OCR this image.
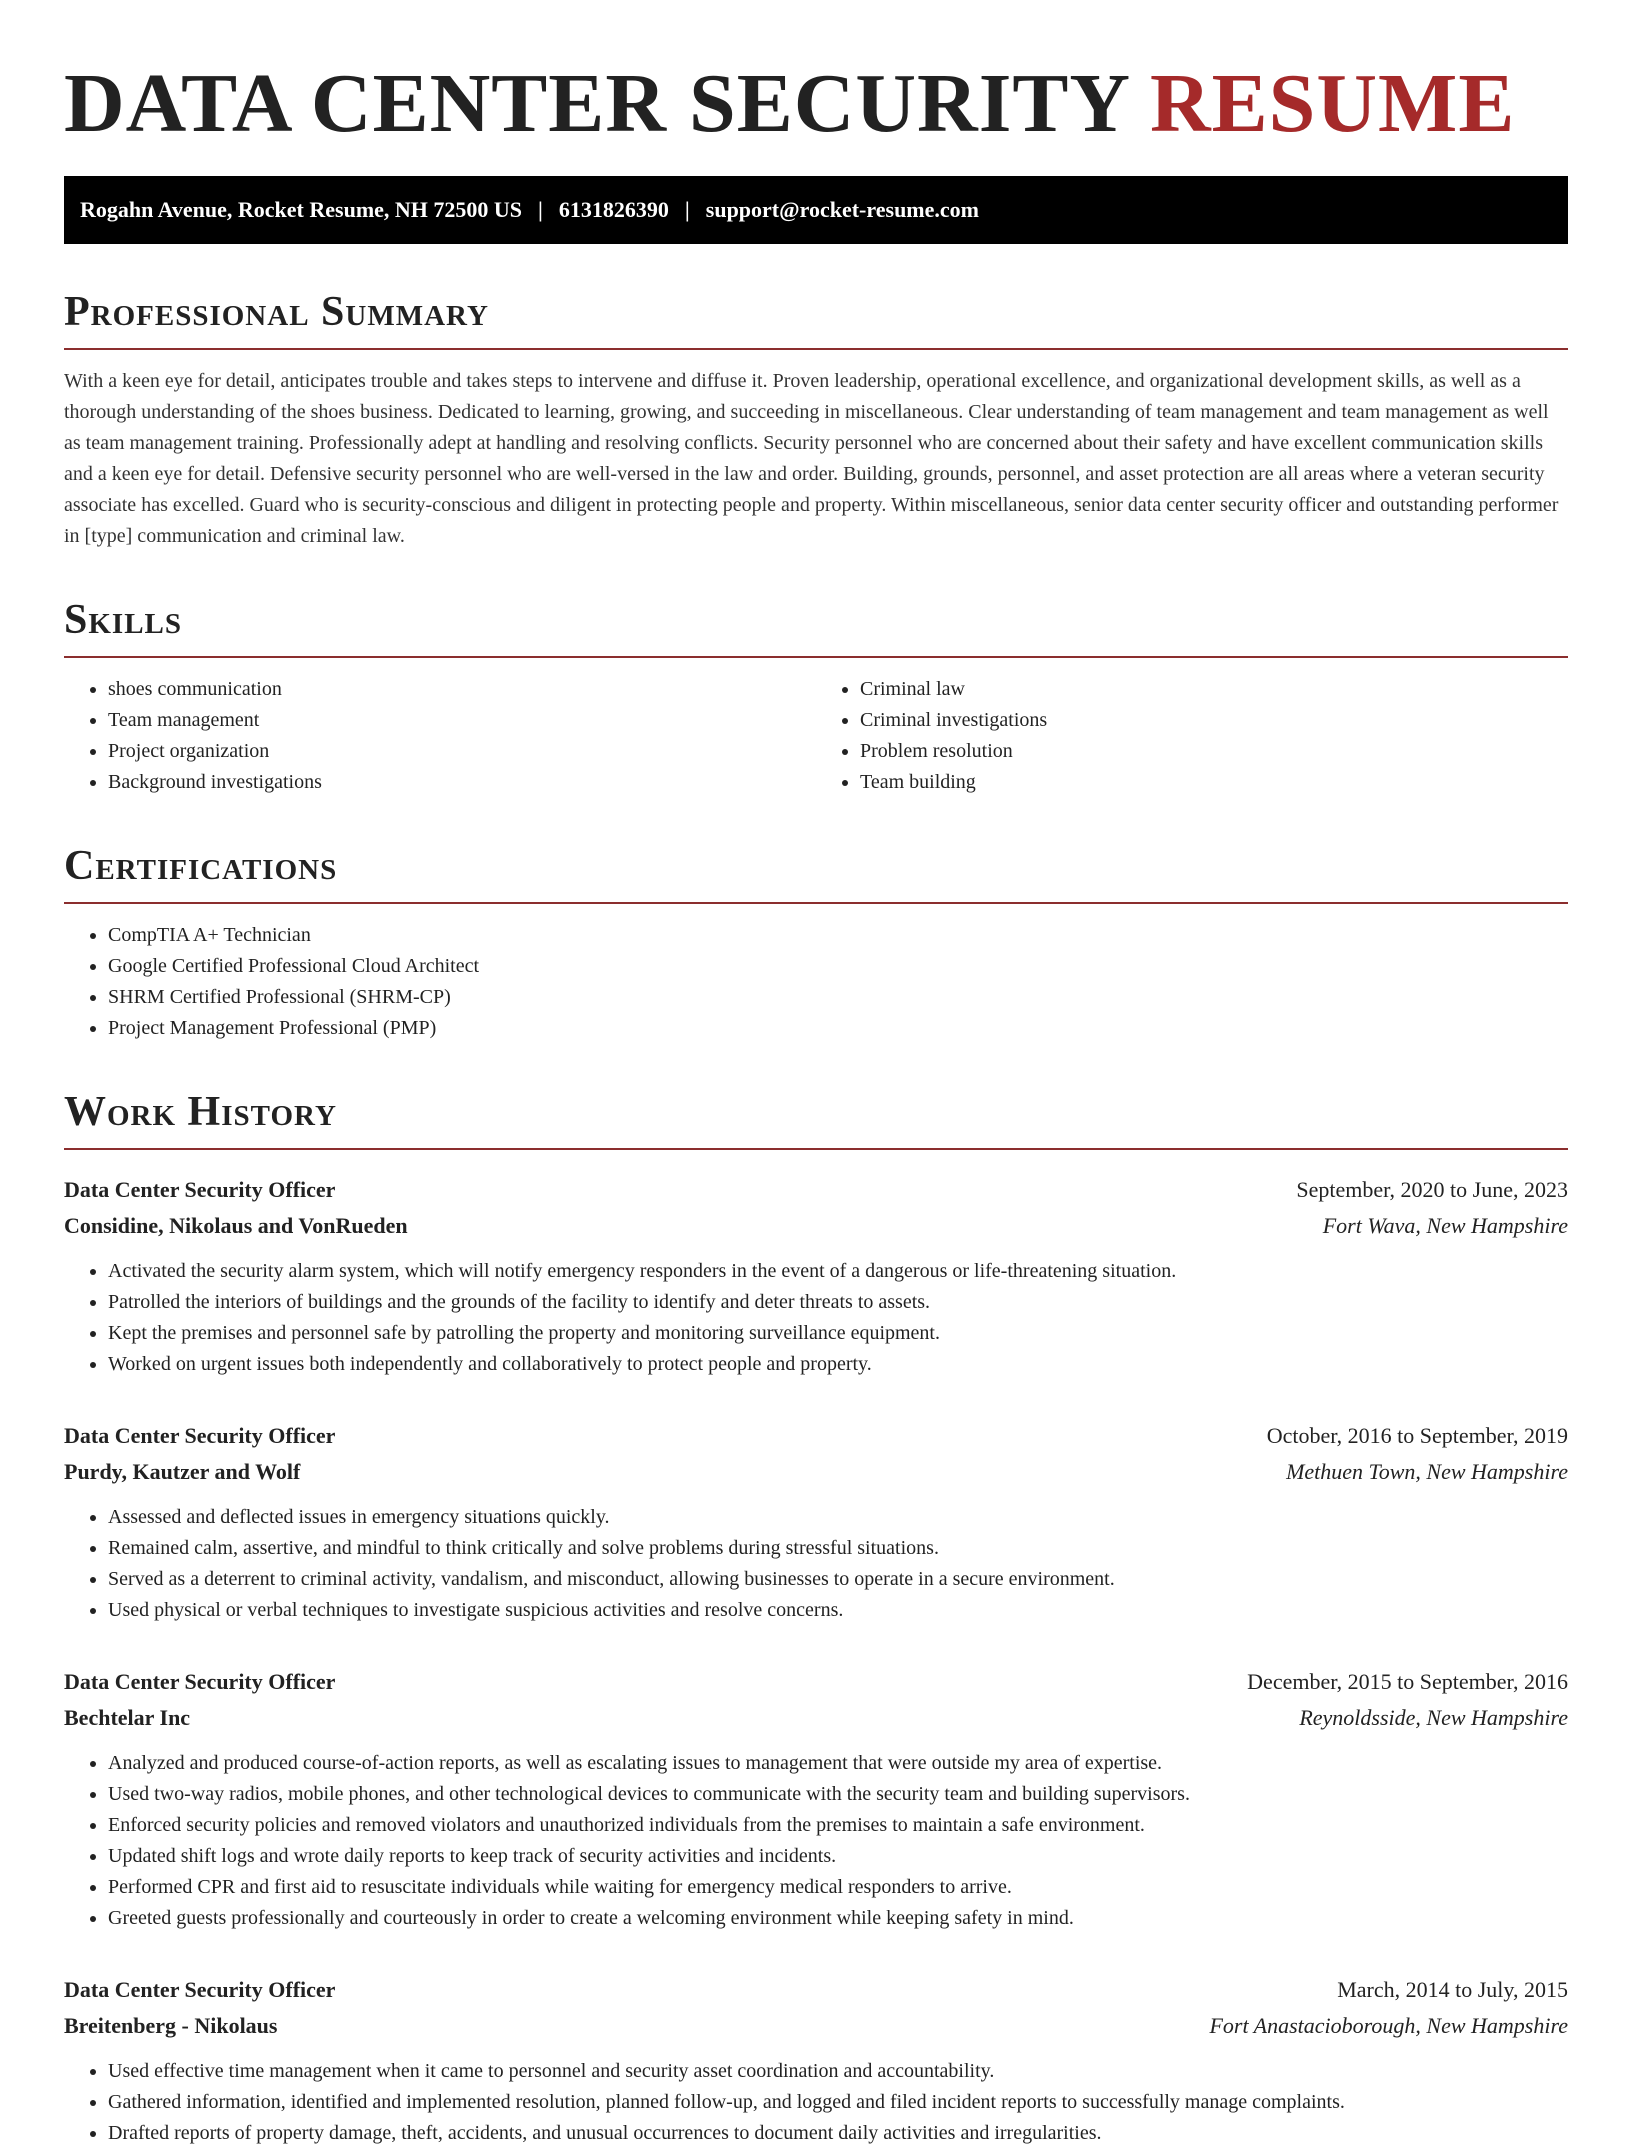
DATA CENTER SECURITY RESUME
Rogahn Avenue, Rocket Resume, NH 72500 US | 6131826390 | support@rocket-resume.com
Professional Summary

With a keen eye for detail, anticipates trouble and takes steps to intervene and diffuse it. Proven leadership, operational excellence, and organizational development skills, as well as a thorough understanding of the shoes business. Dedicated to learning, growing, and succeeding in miscellaneous. Clear understanding of team management and team management as well as team management training. Professionally adept at handling and resolving conflicts. Security personnel who are concerned about their safety and have excellent communication skills and a keen eye for detail. Defensive security personnel who are well-versed in the law and order. Building, grounds, personnel, and asset protection are all areas where a veteran security associate has excelled. Guard who is security-conscious and diligent in protecting people and property. Within miscellaneous, senior data center security officer and outstanding performer in [type] communication and criminal law.

Skills
• shoes communication
• Team management
• Project organization
• Background investigations
• Criminal law
• Criminal investigations
• Problem resolution
• Team building
Certifications
• CompTIA A+ Technician
• Google Certified Professional Cloud Architect
• SHRM Certified Professional (SHRM-CP)
• Project Management Professional (PMP)
Work History
Data Center Security Officer	September, 2020 to June, 2023
Considine, Nikolaus and VonRueden	Fort Wava, New Hampshire
• Activated the security alarm system, which will notify emergency responders in the event of a dangerous or life-threatening situation.
• Patrolled the interiors of buildings and the grounds of the facility to identify and deter threats to assets.
• Kept the premises and personnel safe by patrolling the property and monitoring surveillance equipment.
• Worked on urgent issues both independently and collaboratively to protect people and property.
Data Center Security Officer	October, 2016 to September, 2019
Purdy, Kautzer and Wolf	Methuen Town, New Hampshire
• Assessed and deflected issues in emergency situations quickly.
• Remained calm, assertive, and mindful to think critically and solve problems during stressful situations.
• Served as a deterrent to criminal activity, vandalism, and misconduct, allowing businesses to operate in a secure environment.
• Used physical or verbal techniques to investigate suspicious activities and resolve concerns.
Data Center Security Officer	December, 2015 to September, 2016
Bechtelar Inc	Reynoldsside, New Hampshire
• Analyzed and produced course-of-action reports, as well as escalating issues to management that were outside my area of expertise.
• Used two-way radios, mobile phones, and other technological devices to communicate with the security team and building supervisors.
• Enforced security policies and removed violators and unauthorized individuals from the premises to maintain a safe environment.
• Updated shift logs and wrote daily reports to keep track of security activities and incidents.
• Performed CPR and first aid to resuscitate individuals while waiting for emergency medical responders to arrive.
• Greeted guests professionally and courteously in order to create a welcoming environment while keeping safety in mind.
Data Center Security Officer	March, 2014 to July, 2015
Breitenberg - Nikolaus	Fort Anastacioborough, New Hampshire
• Used effective time management when it came to personnel and security asset coordination and accountability.
• Gathered information, identified and implemented resolution, planned follow-up, and logged and filed incident reports to successfully manage complaints.
• Drafted reports of property damage, theft, accidents, and unusual occurrences to document daily activities and irregularities.
